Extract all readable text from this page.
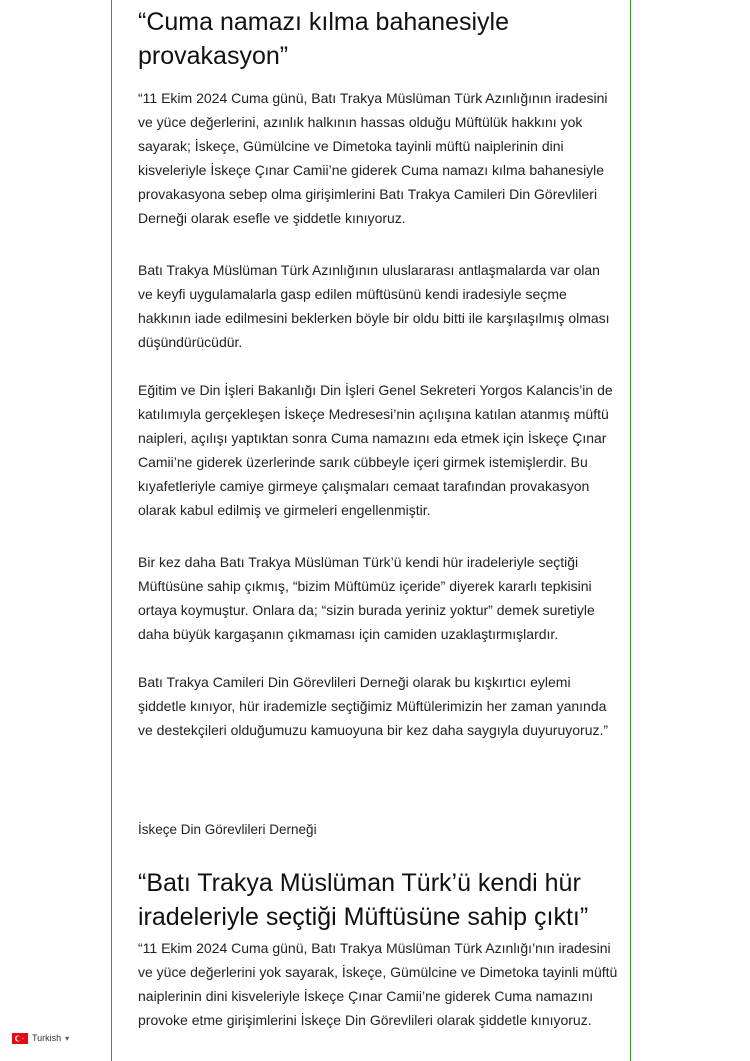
“Cuma namazı kılma bahanesiyle provakasyon”

“11 Ekim 2024 Cuma günü, Batı Trakya Müslüman Türk Azınlığının iradesini ve yüce değerlerini, azınlık halkının hassas olduğu Müftülük hakkını yok sayarak; İskeçe, Gümülcine ve Dimetoka tayinli müftü naiplerinin dini kisveleriyle İskeçe Çınar Camii’ne giderek Cuma namazı kılma bahanesiyle provakasyona sebep olma girişimlerini Batı Trakya Camileri Din Görevlileri Derneği olarak esefle ve şiddetle kınıyoruz.

Batı Trakya Müslüman Türk Azınlığının uluslararası antlaşmalarda var olan ve keyfi uygulamalarla gasp edilen müftüsünü kendi iradesiyle seçme hakkının iade edilmesini beklerken böyle bir oldu bitti ile karşılaşılmış olması düşündürücüdür.

Eğitim ve Din İşleri Bakanlığı Din İşleri Genel Sekreteri Yorgos Kalancis’in de katılımıyla gerçekleşen İskeçe Medresesi’nin açılışına katılan atanmış müftü naipleri, açılışı yaptıktan sonra Cuma namazını eda etmek için İskeçe Çınar Camii’ne giderek üzerlerinde sarık cübbeyle içeri girmek istemişlerdir. Bu kıyafetleriyle camiye girmeye çalışmaları cemaat tarafından provakasyon olarak kabul edilmiş ve girmeleri engellenmiştir.

Bir kez daha Batı Trakya Müslüman Türk’ü kendi hür iradeleriyle seçtiği Müftüsüne sahip çıkmış, “bizim Müftümüz içeride” diyerek kararlı tepkisini ortaya koymuştur. Onlara da; “sizin burada yeriniz yoktur” demek suretiyle daha büyük kargaşanın çıkmaması için camiden uzaklaştırmışlardır.

Batı Trakya Camileri Din Görevlileri Derneği olarak bu kışkırtıcı eylemi şiddetle kınıyor, hür irademizle seçtiğimiz Müftülerimizin her zaman yanında ve destekçileri olduğumuzu kamuoyuna bir kez daha saygıyla duyuruyoruz.”

İskeçe Din Görevlileri Derneği

“Batı Trakya Müslüman Türk’ü kendi hür iradeleriyle seçtiği Müftüsüne sahip çıktı”

“11 Ekim 2024 Cuma günü, Batı Trakya Müslüman Türk Azınlığı’nın iradesini ve yüce değerlerini yok sayarak, İskeçe, Gümülcine ve Dimetoka tayinli müftü naiplerinin dini kisveleriyle İskeçe Çınar Camii’ne giderek Cuma namazını provoke etme girişimlerini İskeçe Din Görevlileri olarak şiddetle kınıyoruz.

Turkish ▾
